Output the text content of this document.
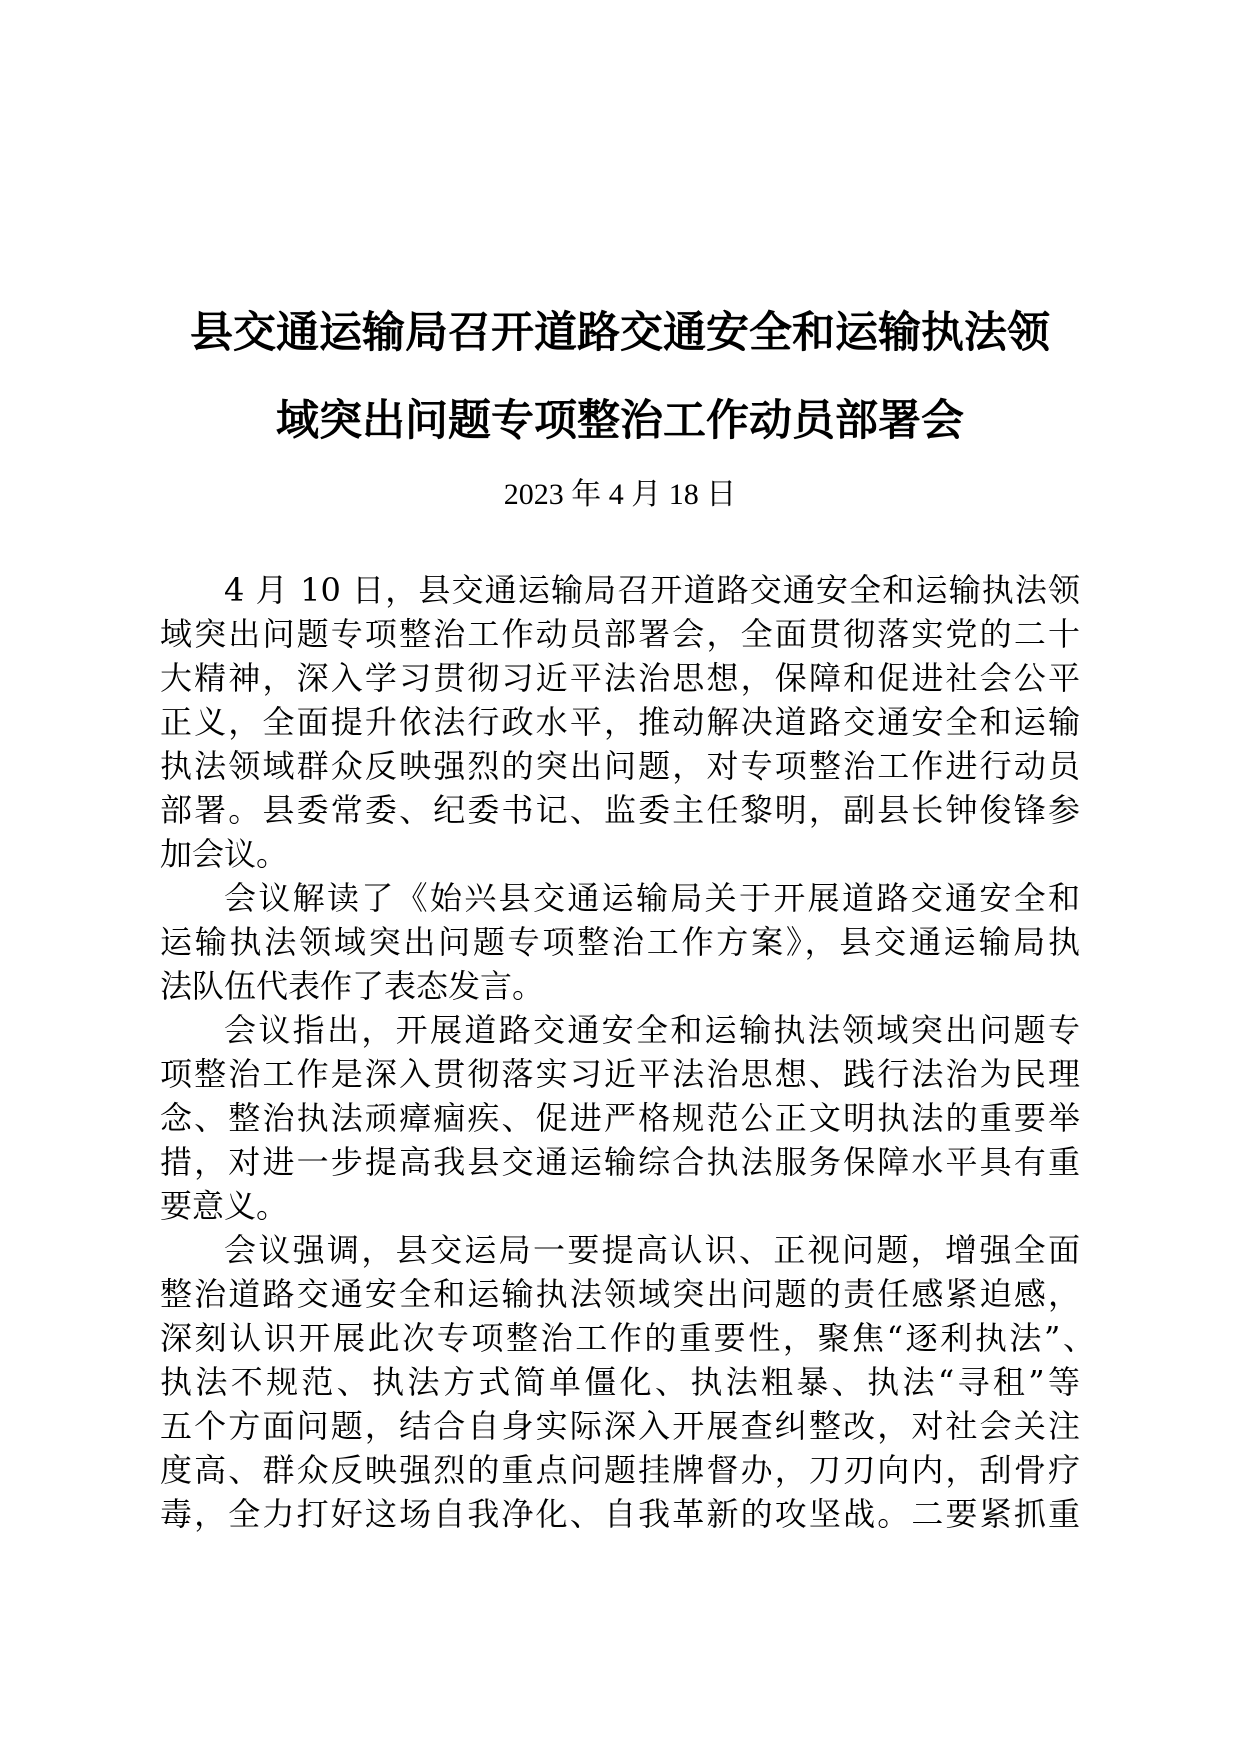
县交通运输局召开道路交通安全和运输执法领
域突出问题专项整治工作动员部署会
2023 年 4 月 18 日
4 月 10 日，县交通运输局召开道路交通安全和运输执法领
域突出问题专项整治工作动员部署会，全面贯彻落实党的二十
大精神，深入学习贯彻习近平法治思想，保障和促进社会公平
正义，全面提升依法行政水平，推动解决道路交通安全和运输
执法领域群众反映强烈的突出问题，对专项整治工作进行动员
部署。县委常委、纪委书记、监委主任黎明，副县长钟俊锋参
加会议。
会议解读了《始兴县交通运输局关于开展道路交通安全和
运输执法领域突出问题专项整治工作方案》，县交通运输局执
法队伍代表作了表态发言。
会议指出，开展道路交通安全和运输执法领域突出问题专
项整治工作是深入贯彻落实习近平法治思想、践行法治为民理
念、整治执法顽瘴痼疾、促进严格规范公正文明执法的重要举
措，对进一步提高我县交通运输综合执法服务保障水平具有重
要意义。
会议强调，县交运局一要提高认识、正视问题，增强全面
整治道路交通安全和运输执法领域突出问题的责任感紧迫感，
深刻认识开展此次专项整治工作的重要性，聚焦“逐利执法”、
执法不规范、执法方式简单僵化、执法粗暴、执法“寻租”等
五个方面问题，结合自身实际深入开展查纠整改，对社会关注
度高、群众反映强烈的重点问题挂牌督办，刀刃向内，刮骨疗
毒，全力打好这场自我净化、自我革新的攻坚战。二要紧抓重
